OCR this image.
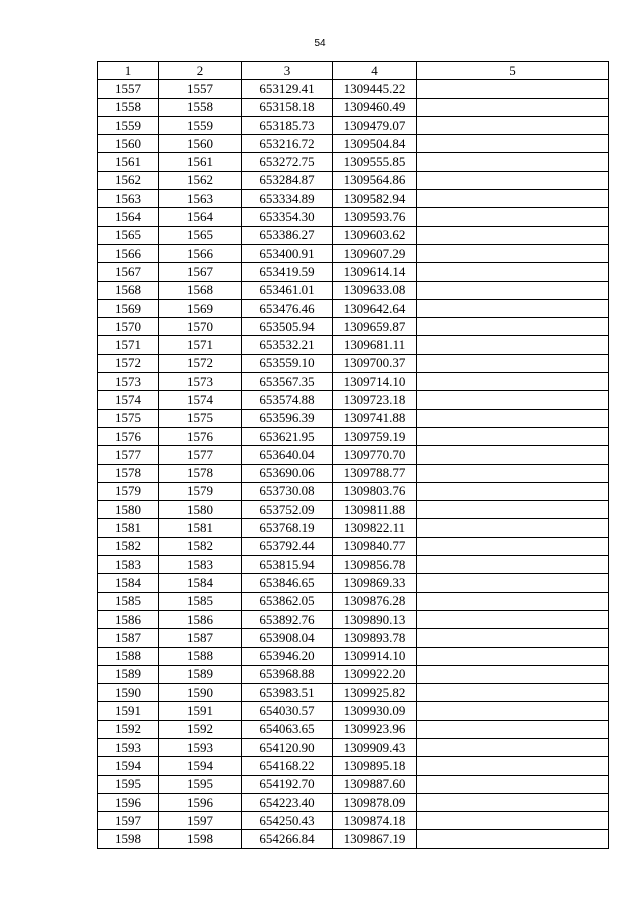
54
1	2	3	4	5
1557	1557	653129.41	1309445.22	
1558	1558	653158.18	1309460.49	
1559	1559	653185.73	1309479.07	
1560	1560	653216.72	1309504.84	
1561	1561	653272.75	1309555.85	
1562	1562	653284.87	1309564.86	
1563	1563	653334.89	1309582.94	
1564	1564	653354.30	1309593.76	
1565	1565	653386.27	1309603.62	
1566	1566	653400.91	1309607.29	
1567	1567	653419.59	1309614.14	
1568	1568	653461.01	1309633.08	
1569	1569	653476.46	1309642.64	
1570	1570	653505.94	1309659.87	
1571	1571	653532.21	1309681.11	
1572	1572	653559.10	1309700.37	
1573	1573	653567.35	1309714.10	
1574	1574	653574.88	1309723.18	
1575	1575	653596.39	1309741.88	
1576	1576	653621.95	1309759.19	
1577	1577	653640.04	1309770.70	
1578	1578	653690.06	1309788.77	
1579	1579	653730.08	1309803.76	
1580	1580	653752.09	1309811.88	
1581	1581	653768.19	1309822.11	
1582	1582	653792.44	1309840.77	
1583	1583	653815.94	1309856.78	
1584	1584	653846.65	1309869.33	
1585	1585	653862.05	1309876.28	
1586	1586	653892.76	1309890.13	
1587	1587	653908.04	1309893.78	
1588	1588	653946.20	1309914.10	
1589	1589	653968.88	1309922.20	
1590	1590	653983.51	1309925.82	
1591	1591	654030.57	1309930.09	
1592	1592	654063.65	1309923.96	
1593	1593	654120.90	1309909.43	
1594	1594	654168.22	1309895.18	
1595	1595	654192.70	1309887.60	
1596	1596	654223.40	1309878.09	
1597	1597	654250.43	1309874.18	
1598	1598	654266.84	1309867.19	
